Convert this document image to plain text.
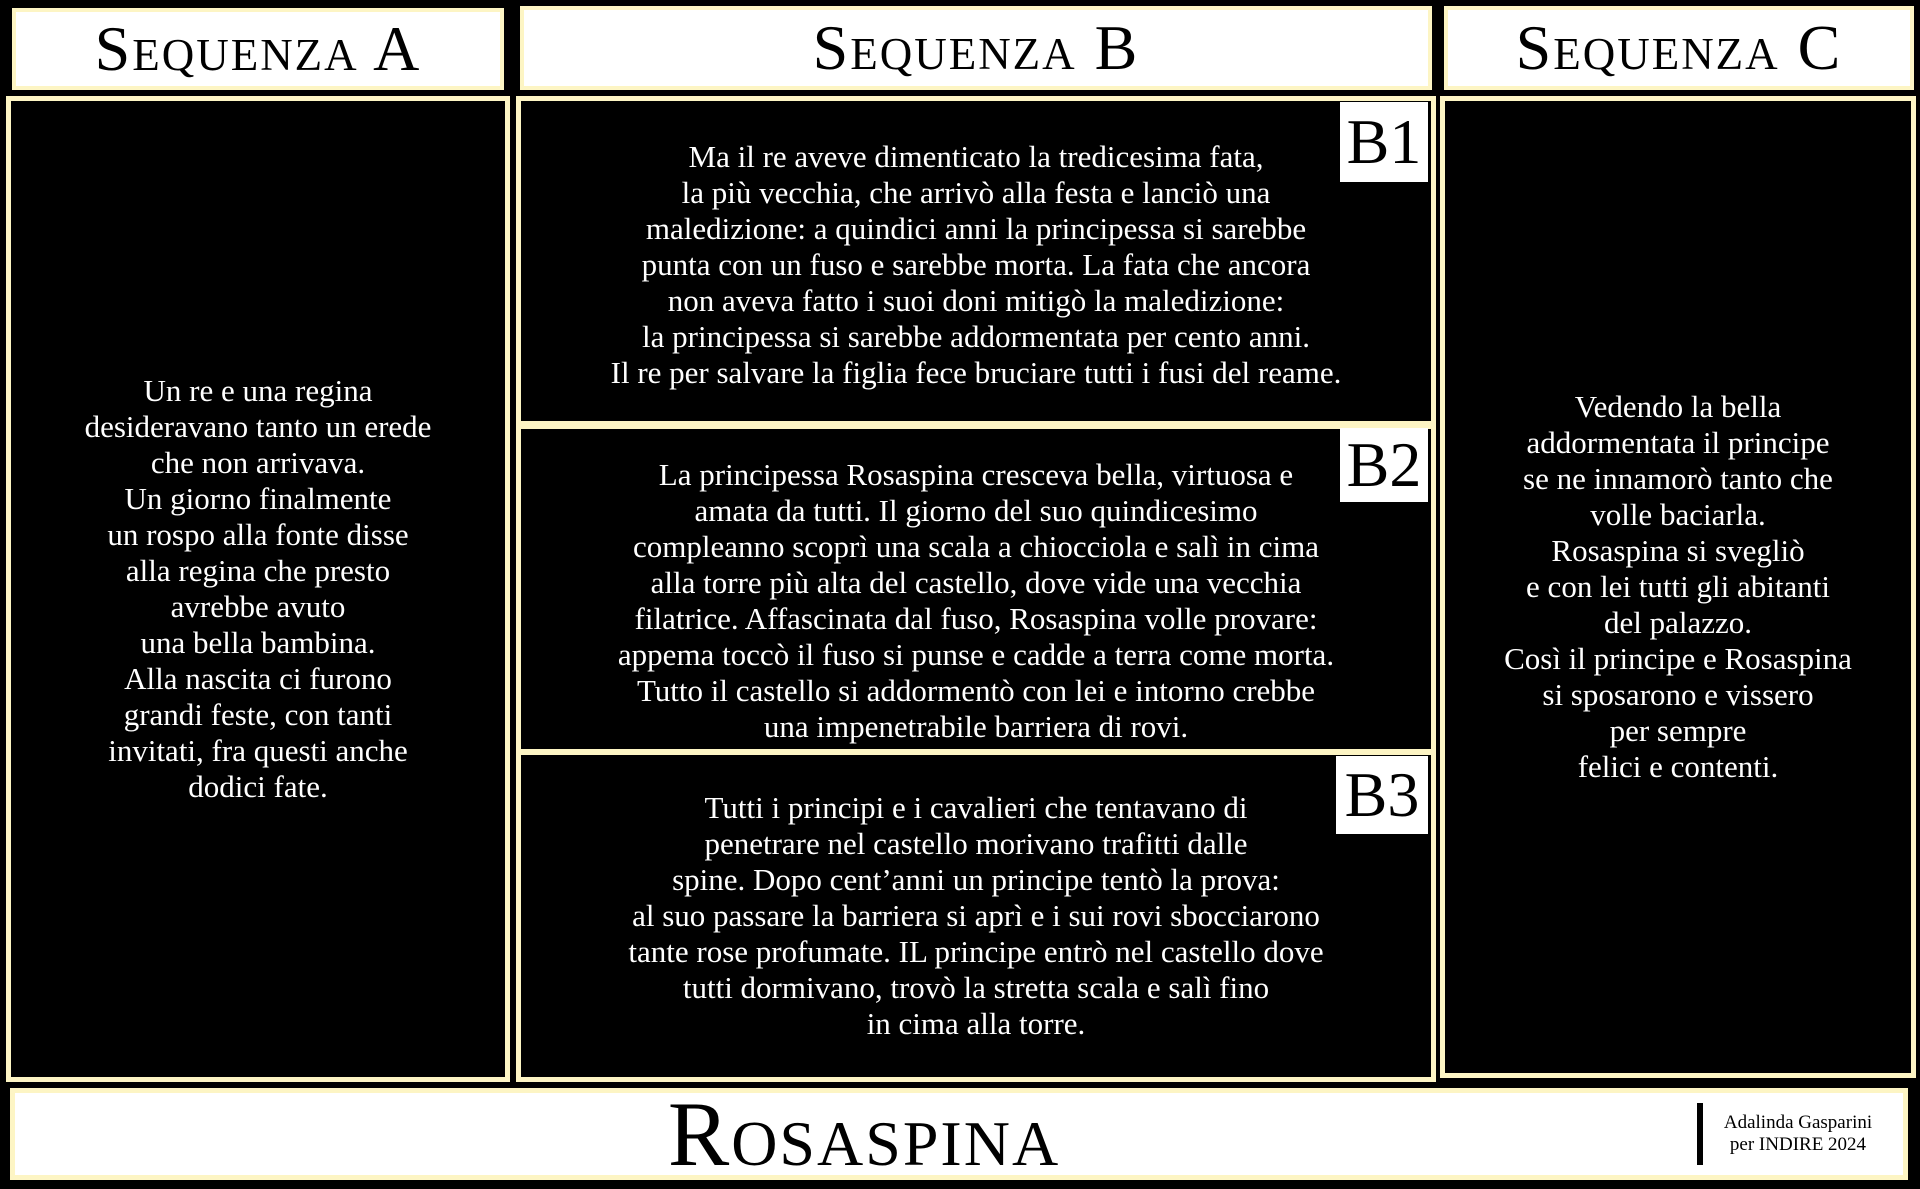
Sequenza A	Sequenza B	Sequenza C
Un re e una regina
desideravano tanto un erede
che non arrivava.
Un giorno finalmente
un rospo alla fonte disse
alla regina che presto
avrebbe avuto
una bella bambina.
Alla nascita ci furono
grandi feste, con tanti
invitati, fra questi anche
dodici fate.
Ma il re aveve dimenticato la tredicesima fata,
la più vecchia, che arrivò alla festa e lanciò una
maledizione: a quindici anni la principessa si sarebbe
punta con un fuso e sarebbe morta. La fata che ancora
non aveva fatto i suoi doni mitigò la maledizione:
la principessa si sarebbe addormentata per cento anni.
Il re per salvare la figlia fece bruciare tutti i fusi del reame.
B1
La principessa Rosaspina cresceva bella, virtuosa e
amata da tutti. Il giorno del suo quindicesimo
compleanno scoprì una scala a chiocciola e salì in cima
alla torre più alta del castello, dove vide una vecchia
filatrice. Affascinata dal fuso, Rosaspina volle provare:
appema toccò il fuso si punse e cadde a terra come morta.
Tutto il castello si addormentò con lei e intorno crebbe
una impenetrabile barriera di rovi.
B2
Tutti i principi e i cavalieri che tentavano di
penetrare nel castello morivano trafitti dalle
spine. Dopo cent’anni un principe tentò la prova:
al suo passare la barriera si aprì e i sui rovi sbocciarono
tante rose profumate. IL principe entrò nel castello dove
tutti dormivano, trovò la stretta scala e salì fino
in cima alla torre.
B3
Vedendo la bella
addormentata il principe
se ne innamorò tanto che
volle baciarla.
Rosaspina si svegliò
e con lei tutti gli abitanti
del palazzo.
Così il principe e Rosaspina
si sposarono e vissero
per sempre
felici e contenti.
Rosaspina	Adalinda Gasparini
per INDIRE 2024
